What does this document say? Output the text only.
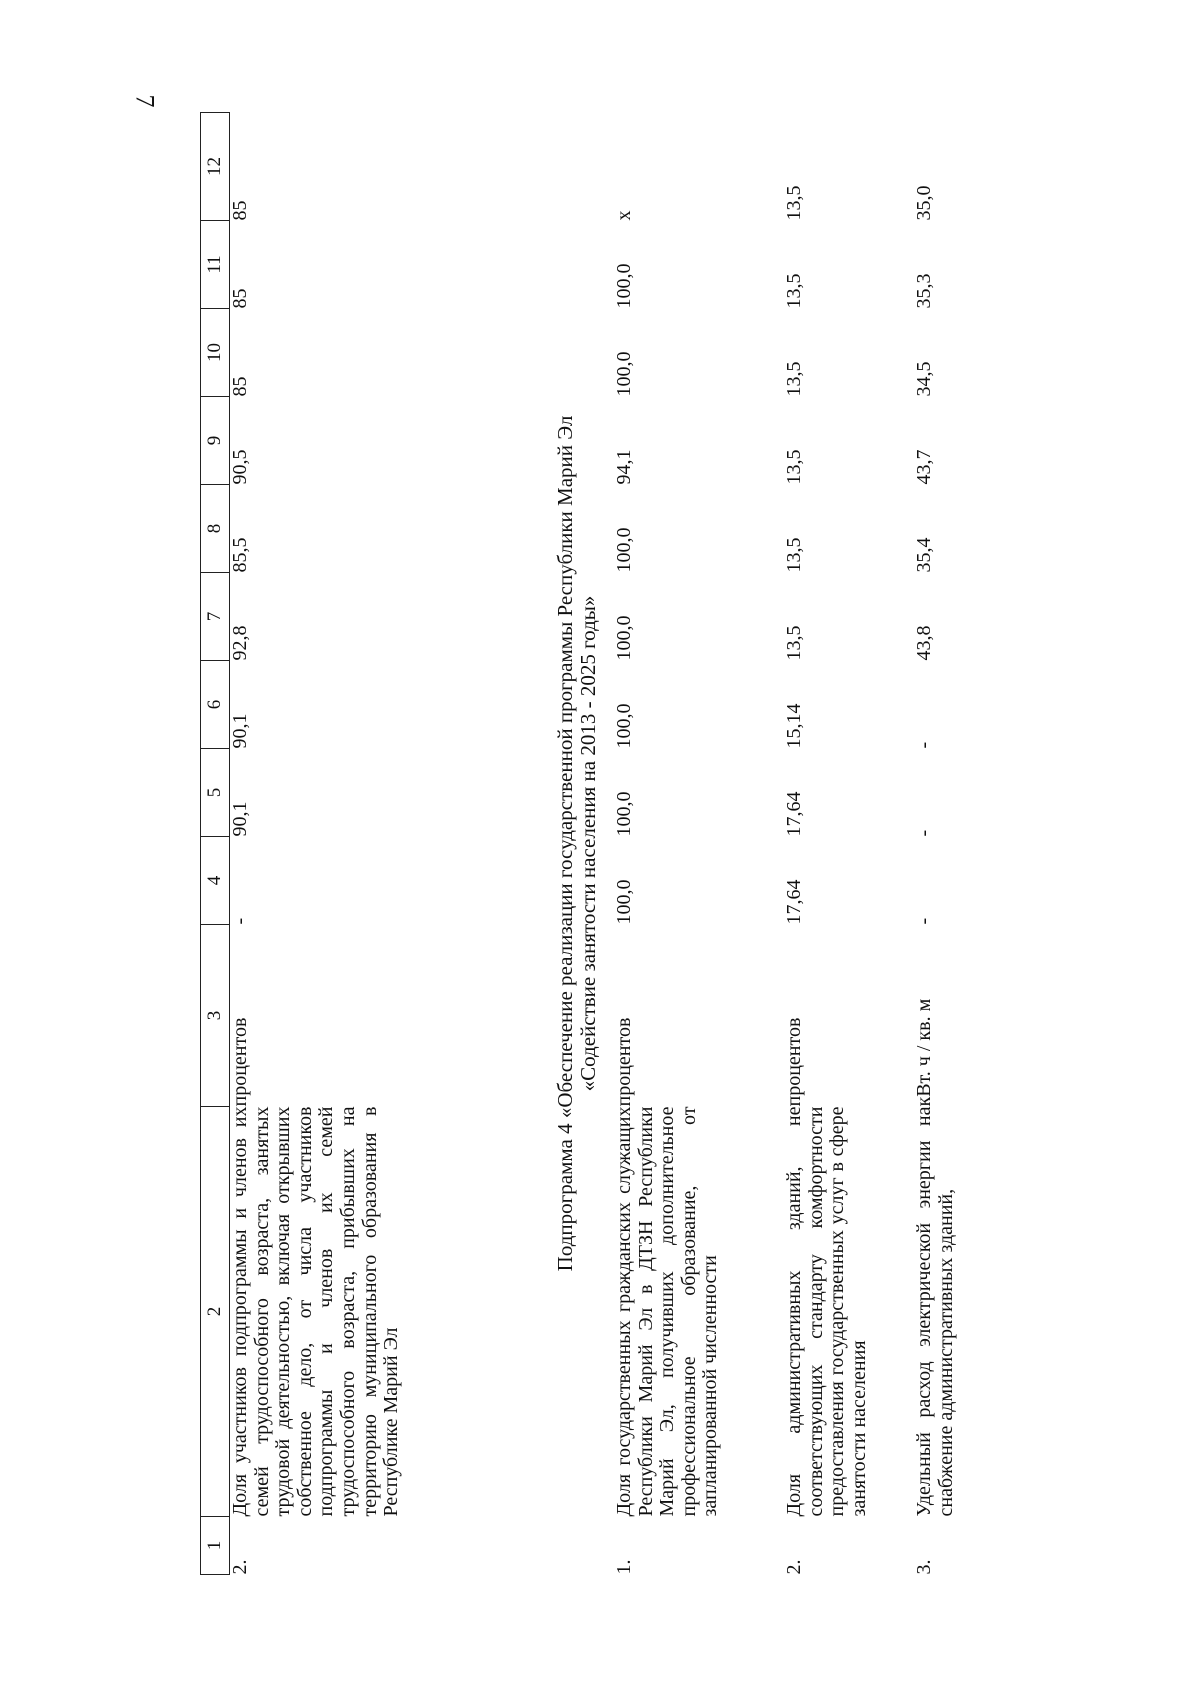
7
1	2	3	4	5	6	7	8	9	10	11	12
2.	Доля участников подпрограммы и членов их семей трудоспособного возраста, занятых трудовой деятельностью, включая открывших собственное дело, от числа участников подпрограммы и членов их семей трудоспособного возраста, прибывших на территорию муниципального образования в Республике Марий Эл	процентов	-	90,1	90,1	92,8	85,5	90,5	85	85	85

Подпрограмма 4 «Обеспечение реализации государственной программы Республики Марий Эл
«Содействие занятости населения на 2013 - 2025 годы»											

1.	Доля государственных гражданских служащих Республики Марий Эл в ДТЗН Республики Марий Эл, получивших дополнительное профессиональное образование, от запланированной численности	процентов	100,0	100,0	100,0	100,0	100,0	94,1	100,0	100,0	x
2.	Доля административных зданий, не соответствующих стандарту комфортности предоставления государственных услуг в сфере занятости населения	процентов	17,64	17,64	15,14	13,5	13,5	13,5	13,5	13,5	13,5
3.	Удельный расход электрической энергии на снабжение административных зданий,	кВт. ч / кв. м	-	-	-	43,8	35,4	43,7	34,5	35,3	35,0
